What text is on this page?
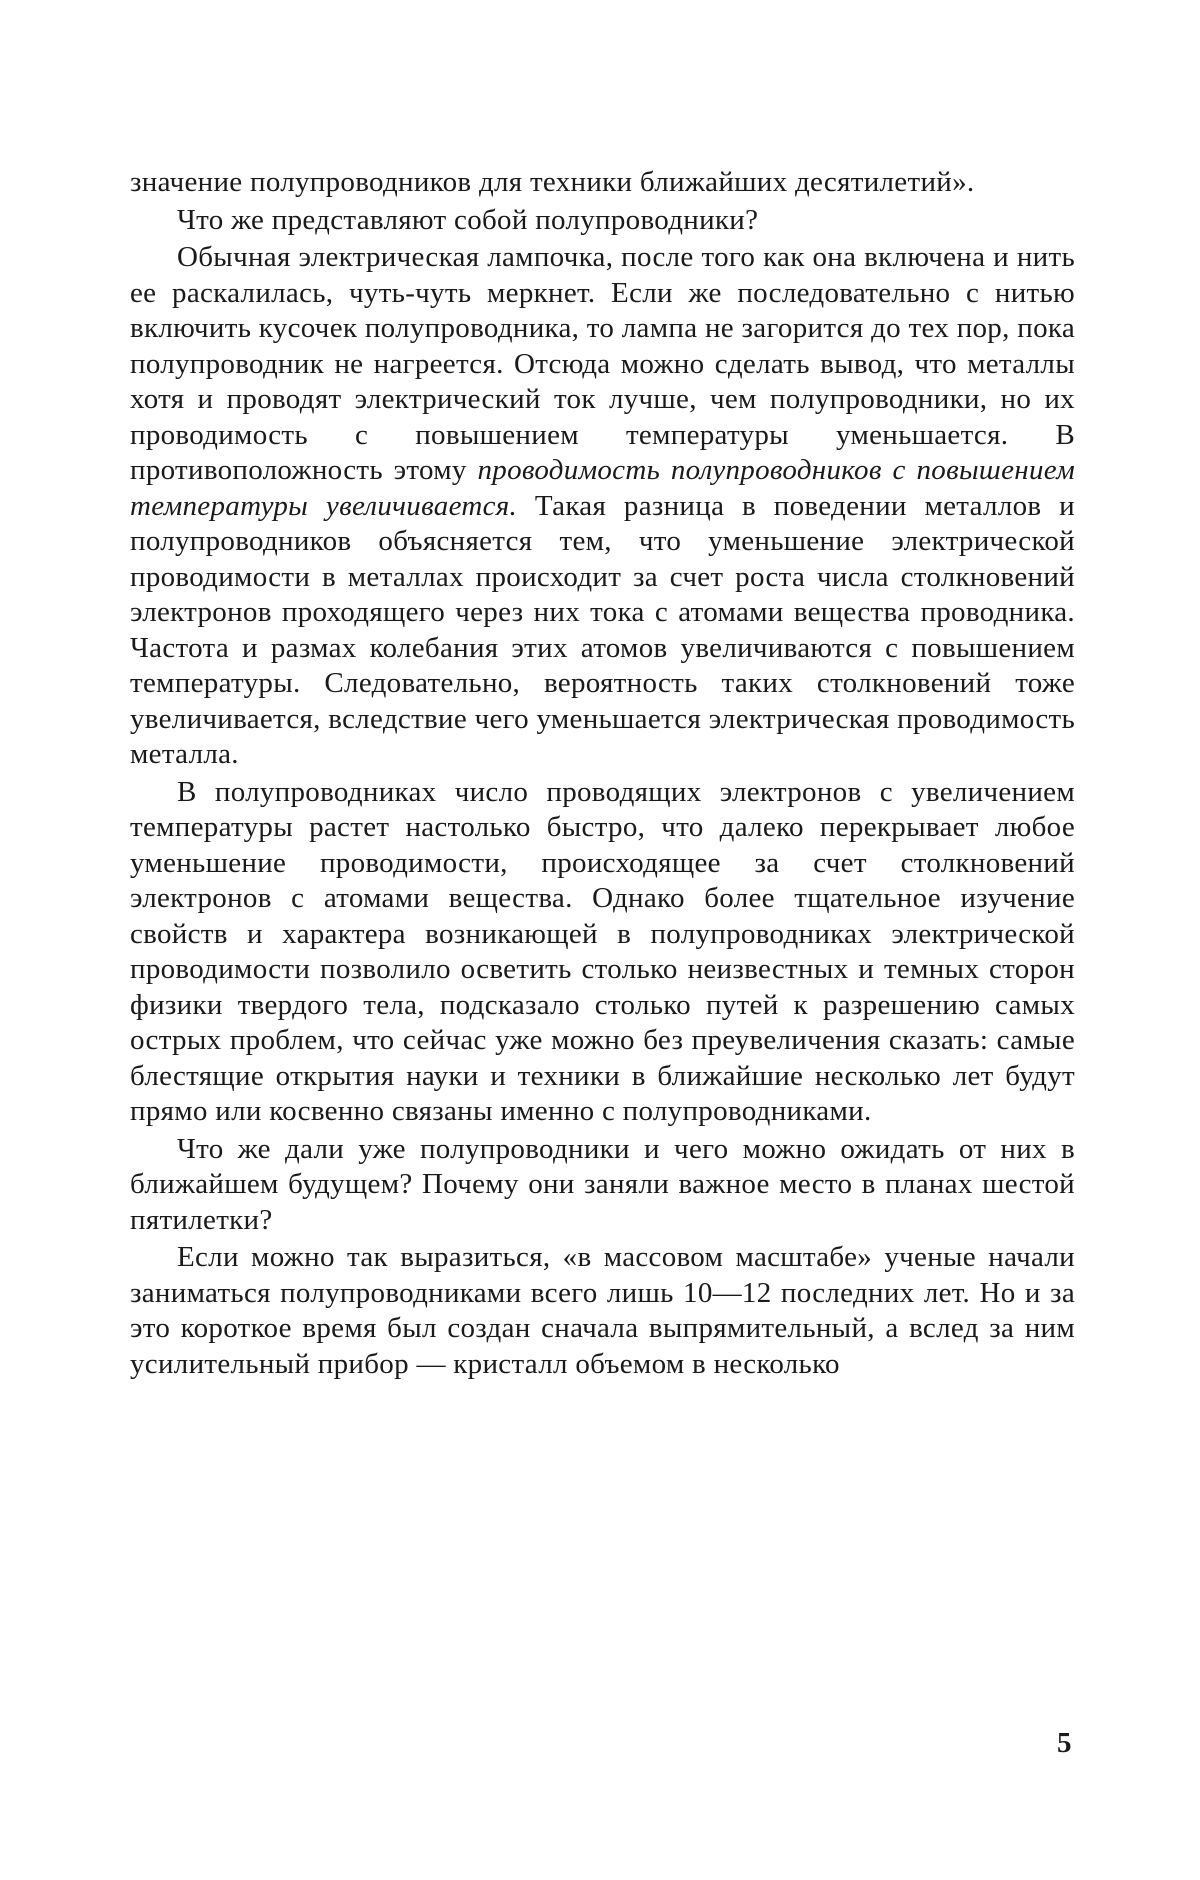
значение полупроводников для техники ближайших десятилетий».

Что же представляют собой полупроводники?

Обычная электрическая лампочка, после того как она включена и нить ее раскалилась, чуть-чуть меркнет. Если же последовательно с нитью включить кусочек полупроводника, то лампа не загорится до тех пор, пока полупроводник не нагреется. Отсюда можно сделать вывод, что металлы хотя и проводят электрический ток лучше, чем полупроводники, но их проводимость с повышением температуры уменьшается. В противоположность этому проводимость полупроводников с повышением температуры увеличивается. Такая разница в поведении металлов и полупроводников объясняется тем, что уменьшение электрической проводимости в металлах происходит за счет роста числа столкновений электронов проходящего через них тока с атомами вещества проводника. Частота и размах колебания этих атомов увеличиваются с повышением температуры. Следовательно, вероятность таких столкновений тоже увеличивается, вследствие чего уменьшается электрическая проводимость металла.

В полупроводниках число проводящих электронов с увеличением температуры растет настолько быстро, что далеко перекрывает любое уменьшение проводимости, происходящее за счет столкновений электронов с атомами вещества. Однако более тщательное изучение свойств и характера возникающей в полупроводниках электрической проводимости позволило осветить столько неизвестных и темных сторон физики твердого тела, подсказало столько путей к разрешению самых острых проблем, что сейчас уже можно без преувеличения сказать: самые блестящие открытия науки и техники в ближайшие несколько лет будут прямо или косвенно связаны именно с полупроводниками.

Что же дали уже полупроводники и чего можно ожидать от них в ближайшем будущем? Почему они заняли важное место в планах шестой пятилетки?

Если можно так выразиться, «в массовом масштабе» ученые начали заниматься полупроводниками всего лишь 10—12 последних лет. Но и за это короткое время был создан сначала выпрямительный, а вслед за ним усилительный прибор — кристалл объемом в несколько

5
